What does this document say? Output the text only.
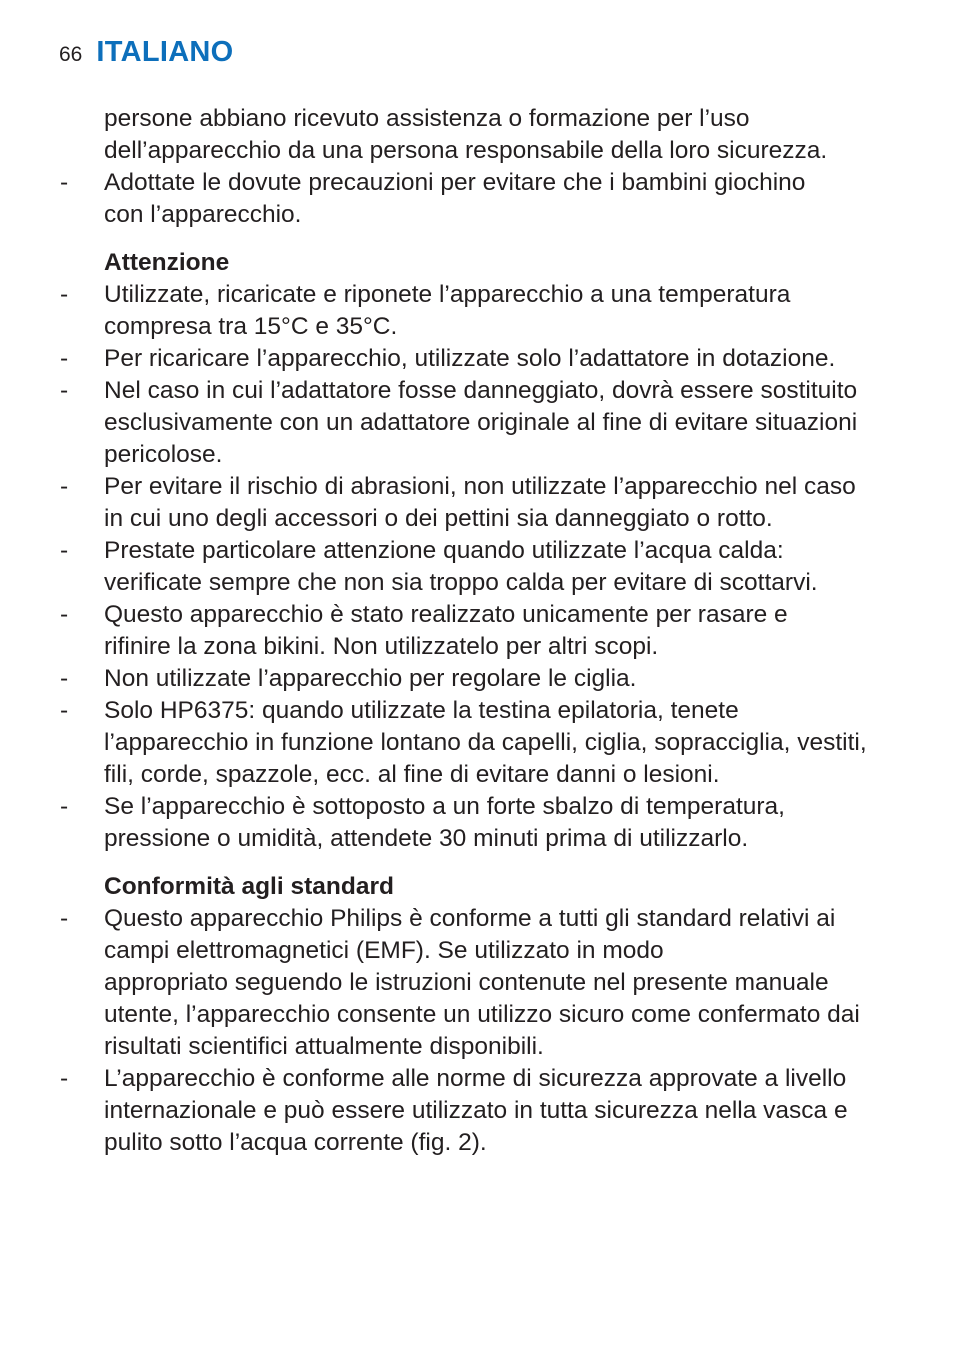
66 ITALIANO
persone abbiano ricevuto assistenza o formazione per l’uso
dell’apparecchio da una persona responsabile della loro sicurezza.
-	Adottate le dovute precauzioni per evitare che i bambini giochino
con l’apparecchio.
Attenzione
-	Utilizzate, ricaricate e riponete l’apparecchio a una temperatura
compresa tra 15°C e 35°C.
-	Per ricaricare l’apparecchio, utilizzate solo l’adattatore in dotazione.
-	Nel caso in cui l’adattatore fosse danneggiato, dovrà essere sostituito
esclusivamente con un adattatore originale al fine di evitare situazioni
pericolose.
-	Per evitare il rischio di abrasioni, non utilizzate l’apparecchio nel caso
in cui uno degli accessori o dei pettini sia danneggiato o rotto.
-	Prestate particolare attenzione quando utilizzate l’acqua calda:
verificate sempre che non sia troppo calda per evitare di scottarvi.
-	Questo apparecchio è stato realizzato unicamente per rasare e
rifinire la zona bikini. Non utilizzatelo per altri scopi.
-	Non utilizzate l’apparecchio per regolare le ciglia.
-	Solo HP6375: quando utilizzate la testina epilatoria, tenete
l’apparecchio in funzione lontano da capelli, ciglia, sopracciglia, vestiti,
fili, corde, spazzole, ecc. al fine di evitare danni o lesioni.
-	Se l’apparecchio è sottoposto a un forte sbalzo di temperatura,
pressione o umidità, attendete 30 minuti prima di utilizzarlo.
Conformità agli standard
-	Questo apparecchio Philips è conforme a tutti gli standard relativi ai
campi elettromagnetici (EMF). Se utilizzato in modo
appropriato seguendo le istruzioni contenute nel presente manuale
utente, l’apparecchio consente un utilizzo sicuro come confermato dai
risultati scientifici attualmente disponibili.
-	L’apparecchio è conforme alle norme di sicurezza approvate a livello
internazionale e può essere utilizzato in tutta sicurezza nella vasca e
pulito sotto l’acqua corrente (fig. 2).
